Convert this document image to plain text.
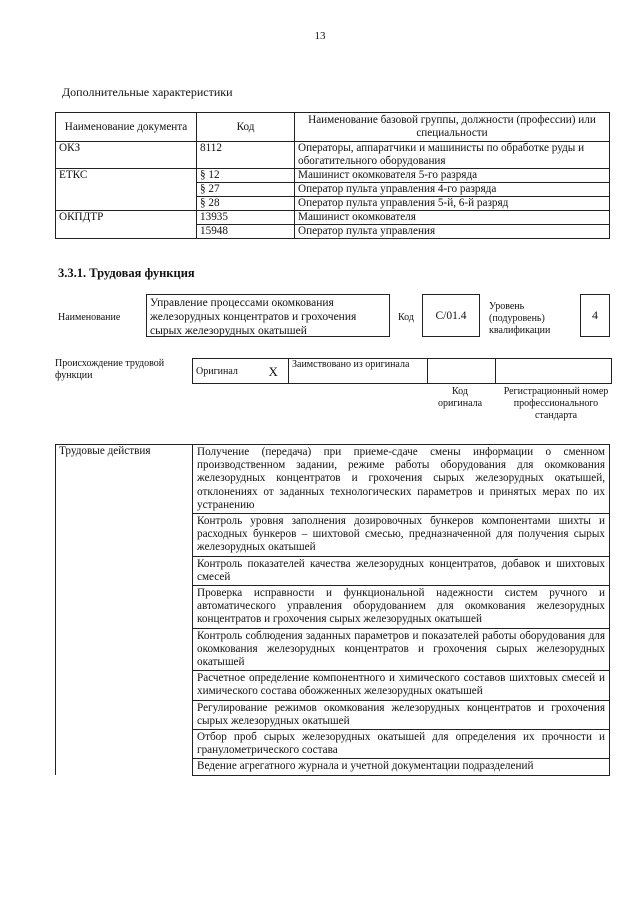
13
Дополнительные характеристики
Наименование документа	Код	Наименование базовой группы, должности (профессии) или специальности
ОКЗ	8112	Операторы, аппаратчики и машинисты по обработке руды и обогатительного оборудования
ЕТКС	§ 12	Машинист окомкователя 5-го разряда
	§ 27	Оператор пульта управления 4-го разряда
	§ 28	Оператор пульта управления 5-й, 6-й разряд
ОКПДТР	13935	Машинист окомкователя
	15948	Оператор пульта управления
3.3.1. Трудовая функция
Наименование
Управление процессами окомкования железорудных концентратов и грохочения сырых железорудных окатышей
Код	C/01.4
Уровень (подуровень) квалификации
4
Происхождение трудовой функции	Оригинал	X	Заимствовано из оригинала		
Код оригинала
Регистрационный номер профессионального стандарта
Трудовые действия	Получение (передача) при приеме-сдаче смены информации о сменном производственном задании, режиме работы оборудования для окомкования железорудных концентратов и грохочения сырых железорудных окатышей, отклонениях от заданных технологических параметров и принятых мерах по их устранению
Контроль уровня заполнения дозировочных бункеров компонентами шихты и расходных бункеров – шихтовой смесью, предназначенной для получения сырых железорудных окатышей
Контроль показателей качества железорудных концентратов, добавок и шихтовых смесей
Проверка исправности и функциональной надежности систем ручного и автоматического управления оборудованием для окомкования железорудных концентратов и грохочения сырых железорудных окатышей
Контроль соблюдения заданных параметров и показателей работы оборудования для окомкования железорудных концентратов и грохочения сырых железорудных окатышей
Расчетное определение компонентного и химического составов шихтовых смесей и химического состава обожженных железорудных окатышей
Регулирование режимов окомкования железорудных концентратов и грохочения сырых железорудных окатышей
Отбор проб сырых железорудных окатышей для определения их прочности и гранулометрического состава
Ведение агрегатного журнала и учетной документации подразделений
